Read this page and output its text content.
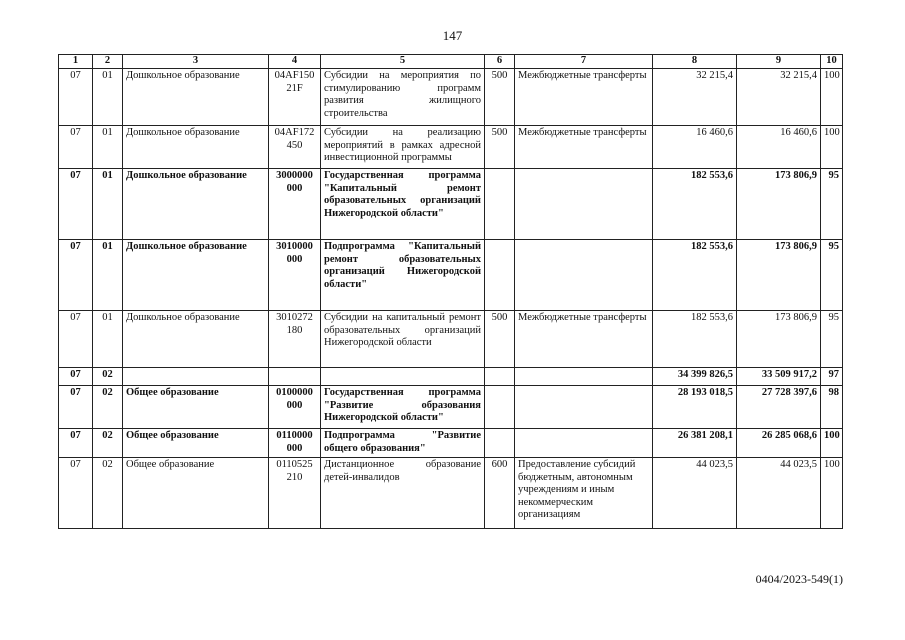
147
1	2	3	4	5	6	7	8	9	10
07	01	Дошкольное образование	04АF150 21F	Субсидии на мероприятия по стимулированию программ развития жилищного строительства	500	Межбюджетные трансферты	32 215,4	32 215,4	100
07	01	Дошкольное образование	04АF172 450	Субсидии на реализацию мероприятий в рамках адресной инвестиционной программы	500	Межбюджетные трансферты	16 460,6	16 460,6	100
07	01	Дошкольное образование	3000000 000	Государственная программа "Капитальный ремонт образовательных организаций Нижегородской области"			182 553,6	173 806,9	95
07	01	Дошкольное образование	3010000 000	Подпрограмма "Капитальный ремонт образовательных организаций Нижегородской области"			182 553,6	173 806,9	95
07	01	Дошкольное образование	3010272 180	Субсидии на капитальный ремонт образовательных организаций Нижегородской области	500	Межбюджетные трансферты	182 553,6	173 806,9	95
07	02						34 399 826,5	33 509 917,2	97
07	02	Общее образование	0100000 000	Государственная программа "Развитие образования Нижегородской области"			28 193 018,5	27 728 397,6	98
07	02	Общее образование	0110000 000	Подпрограмма "Развитие общего образования"			26 381 208,1	26 285 068,6	100
07	02	Общее образование	0110525 210	Дистанционное образование детей-инвалидов	600	Предоставление субсидий бюджетным, автономным учреждениям и иным некоммерческим организациям	44 023,5	44 023,5	100
0404/2023-549(1)
